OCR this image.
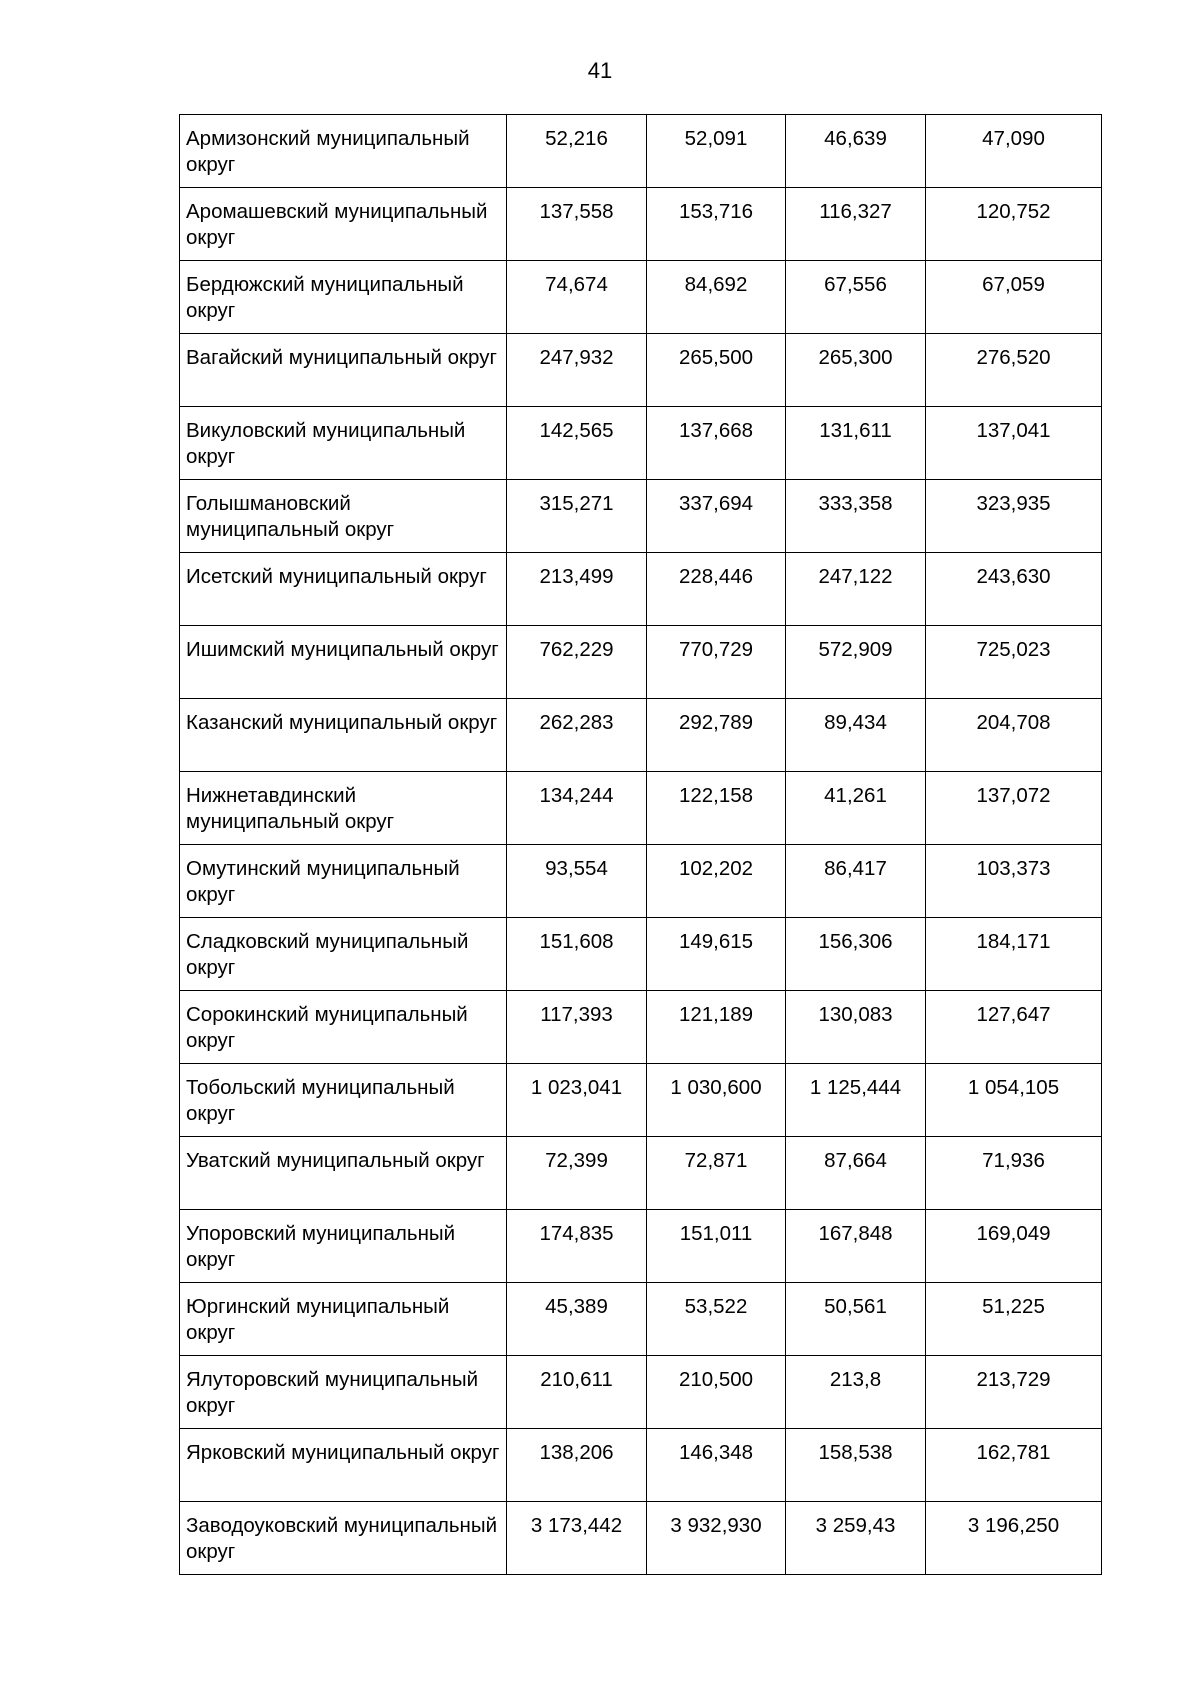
41
Армизонский муниципальный округ	52,216	52,091	46,639	47,090
Аромашевский муниципальный округ	137,558	153,716	116,327	120,752
Бердюжский муниципальный округ	74,674	84,692	67,556	67,059
Вагайский муниципальный округ	247,932	265,500	265,300	276,520
Викуловский муниципальный округ	142,565	137,668	131,611	137,041
Голышмановский муниципальный округ	315,271	337,694	333,358	323,935
Исетский муниципальный округ	213,499	228,446	247,122	243,630
Ишимский муниципальный округ	762,229	770,729	572,909	725,023
Казанский муниципальный округ	262,283	292,789	89,434	204,708
Нижнетавдинский муниципальный округ	134,244	122,158	41,261	137,072
Омутинский муниципальный округ	93,554	102,202	86,417	103,373
Сладковский муниципальный округ	151,608	149,615	156,306	184,171
Сорокинский муниципальный округ	117,393	121,189	130,083	127,647
Тобольский муниципальный округ	1 023,041	1 030,600	1 125,444	1 054,105
Уватский муниципальный округ	72,399	72,871	87,664	71,936
Упоровский муниципальный округ	174,835	151,011	167,848	169,049
Юргинский муниципальный округ	45,389	53,522	50,561	51,225
Ялуторовский муниципальный округ	210,611	210,500	213,8	213,729
Ярковский муниципальный округ	138,206	146,348	158,538	162,781
Заводоуковский муниципальный округ	3 173,442	3 932,930	3 259,43	3 196,250
